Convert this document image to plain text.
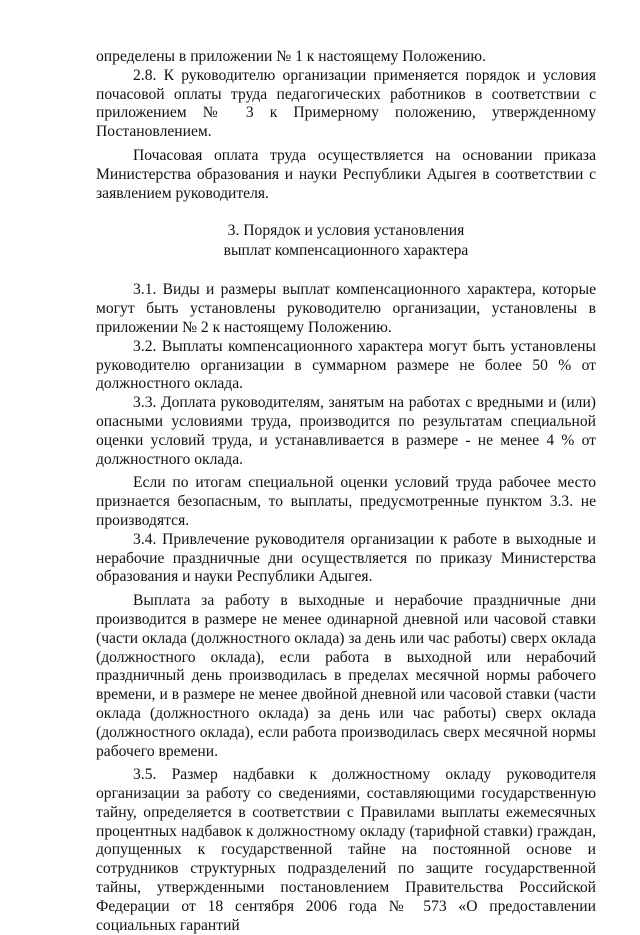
определены в приложении № 1 к настоящему Положению.

2.8. К руководителю организации применяется порядок и условия почасовой оплаты труда педагогических работников в соответствии с приложением № 3 к Примерному положению, утвержденному Постановлением.

Почасовая оплата труда осуществляется на основании приказа Министерства образования и науки Республики Адыгея в соответствии с заявлением руководителя.

3. Порядок и условия установления
выплат компенсационного характера

3.1. Виды и размеры выплат компенсационного характера, которые могут быть установлены руководителю организации, установлены в приложении № 2 к настоящему Положению.

3.2. Выплаты компенсационного характера могут быть установлены руководителю организации в суммарном размере не более 50 % от должностного оклада.

3.3. Доплата руководителям, занятым на работах с вредными и (или) опасными условиями труда, производится по результатам специальной оценки условий труда, и устанавливается в размере - не менее 4 % от должностного оклада.

Если по итогам специальной оценки условий труда рабочее место признается безопасным, то выплаты, предусмотренные пунктом 3.3. не производятся.

3.4. Привлечение руководителя организации к работе в выходные и нерабочие праздничные дни осуществляется по приказу Министерства образования и науки Республики Адыгея.

Выплата за работу в выходные и нерабочие праздничные дни производится в размере не менее одинарной дневной или часовой ставки (части оклада (должностного оклада) за день или час работы) сверх оклада (должностного оклада), если работа в выходной или нерабочий праздничный день производилась в пределах месячной нормы рабочего времени, и в размере не менее двойной дневной или часовой ставки (части оклада (должностного оклада) за день или час работы) сверх оклада (должностного оклада), если работа производилась сверх месячной нормы рабочего времени.

3.5. Размер надбавки к должностному окладу руководителя организации за работу со сведениями, составляющими государственную тайну, определяется в соответствии с Правилами выплаты ежемесячных процентных надбавок к должностному окладу (тарифной ставки) граждан, допущенных к государственной тайне на постоянной основе и сотрудников структурных подразделений по защите государственной тайны, утвержденными постановлением Правительства Российской Федерации от 18 сентября 2006 года № 573 «О предоставлении социальных гарантий
